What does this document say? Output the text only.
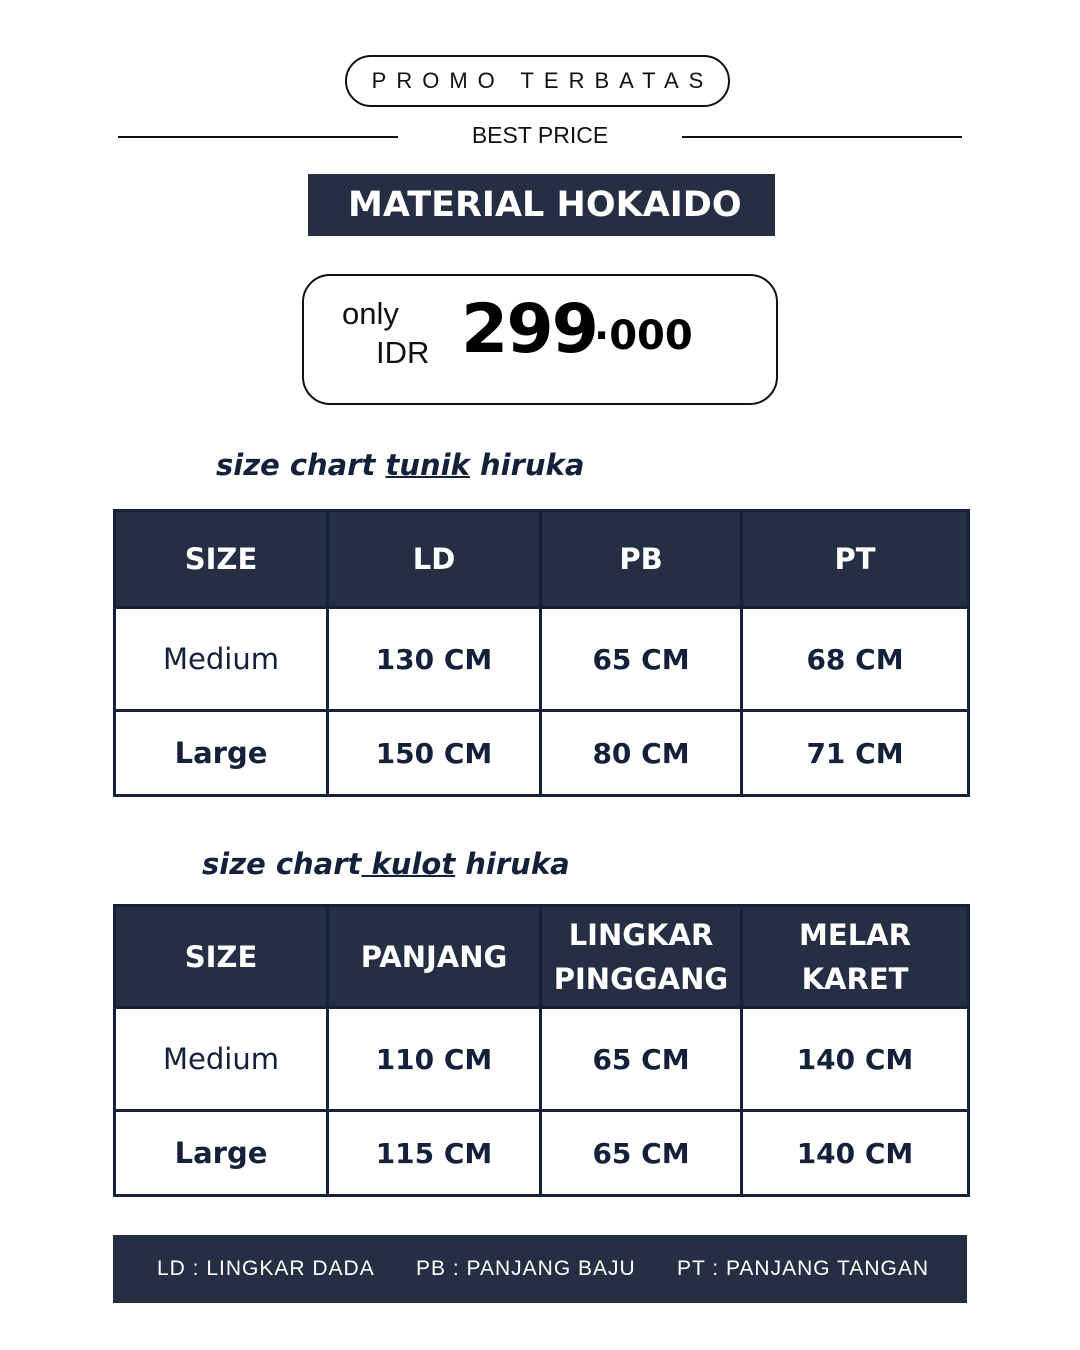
PROMO TERBATAS
BEST PRICE
MATERIAL HOKAIDO
only
IDR 299
·000
size chart tunik hiruka
SIZE	LD	PB	PT
Medium	130 CM	65 CM	68 CM
Large	150 CM	80 CM	71 CM
size chart kulot hiruka
SIZE	PANJANG	LINGKAR PINGGANG	MELAR KARET
Medium	110 CM	65 CM	140 CM
Large	115 CM	65 CM	140 CM
LD : LINGKAR DADA PB : PANJANG BAJU PT : PANJANG TANGAN
